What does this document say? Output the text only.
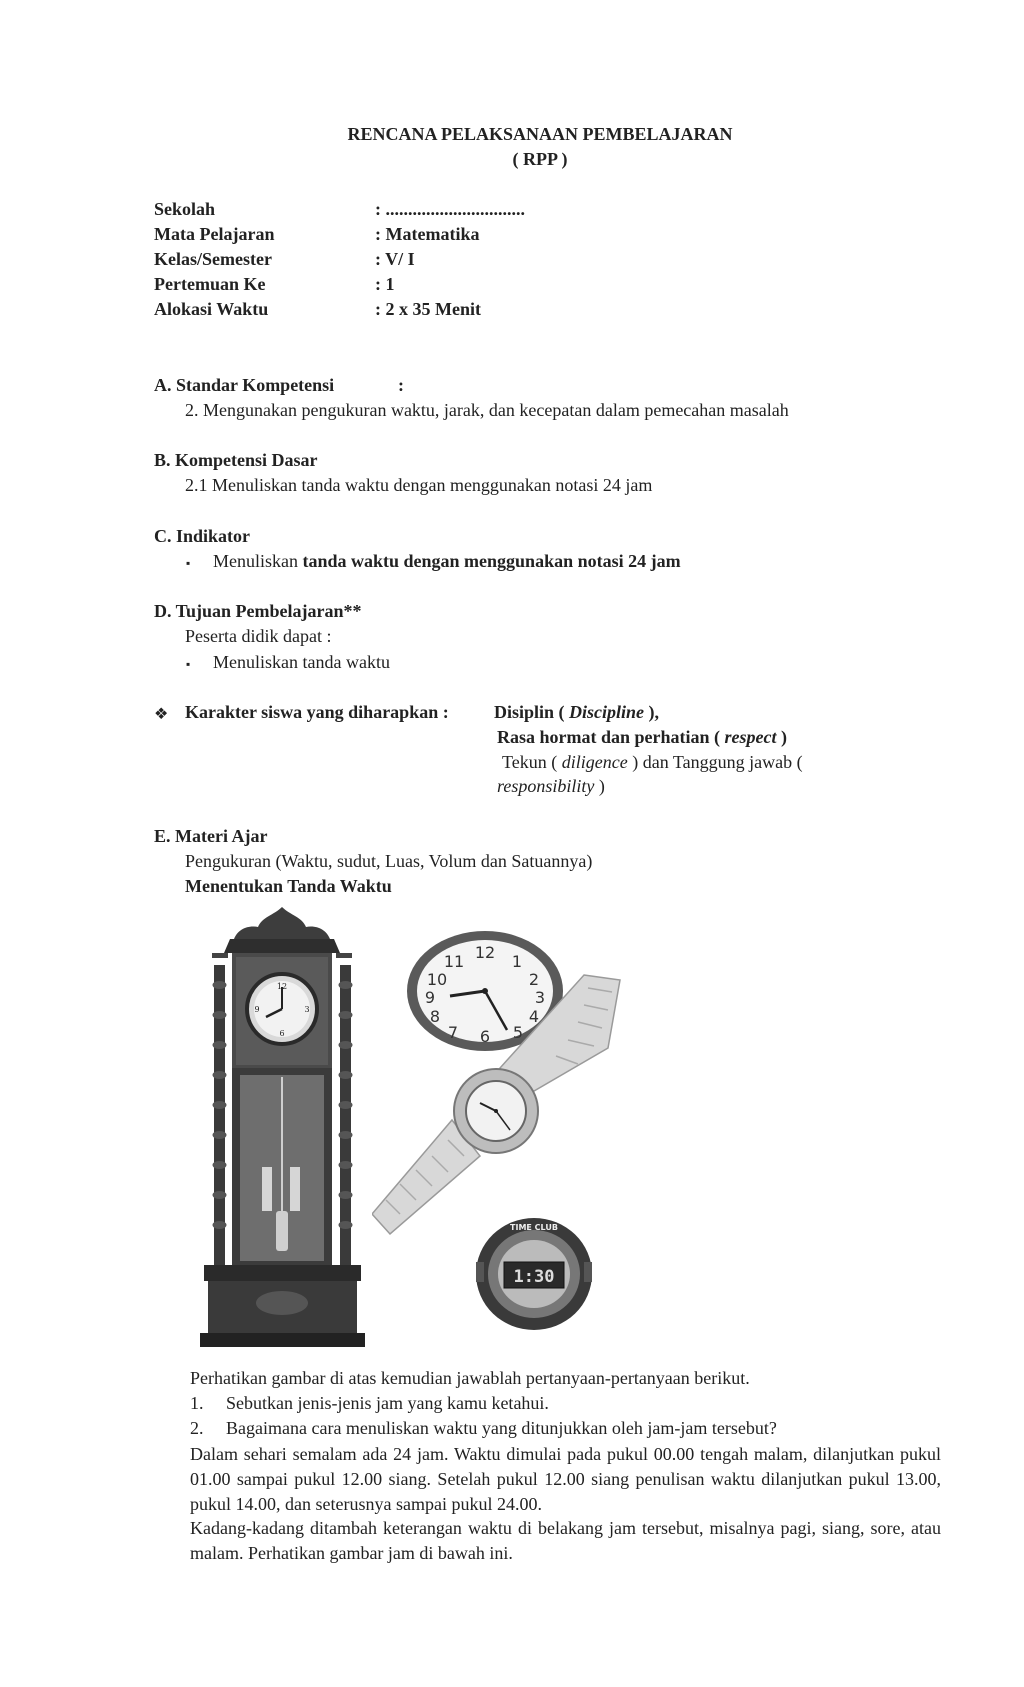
RENCANA PELAKSANAAN PEMBELAJARAN
( RPP )
Sekolah	: ...............................
Mata Pelajaran	: Matematika
Kelas/Semester	: V/ I
Pertemuan Ke	: 1
Alokasi Waktu	: 2 x 35 Menit
A. Standar Kompetensi	:
2. Mengunakan pengukuran waktu, jarak, dan kecepatan dalam pemecahan masalah
B. Kompetensi Dasar
2.1 Menuliskan tanda waktu dengan menggunakan notasi 24 jam
C. Indikator
▪ Menuliskan tanda waktu dengan menggunakan notasi 24 jam
D. Tujuan Pembelajaran**
Peserta didik dapat :
▪ Menuliskan tanda waktu
❖ Karakter siswa yang diharapkan :	Disiplin ( Discipline ),
Rasa hormat dan perhatian ( respect )
Tekun ( diligence ) dan Tanggung jawab (
responsibility )
E. Materi Ajar
Pengukuran (Waktu, sudut, Luas, Volum dan Satuannya)
Menentukan Tanda Waktu
12
3
6
9
12 1
2
3
4
5
6
7
8
9
10
11
TIME CLUB
1:30
Perhatikan gambar di atas kemudian jawablah pertanyaan-pertanyaan berikut.
1. Sebutkan jenis-jenis jam yang kamu ketahui.
2. Bagaimana cara menuliskan waktu yang ditunjukkan oleh jam-jam tersebut?
Dalam sehari semalam ada 24 jam. Waktu dimulai pada pukul 00.00 tengah malam, dilanjutkan pukul 01.00 sampai pukul 12.00 siang. Setelah pukul 12.00 siang penulisan waktu dilanjutkan pukul 13.00, pukul 14.00, dan seterusnya sampai pukul 24.00.
Kadang-kadang ditambah keterangan waktu di belakang jam tersebut, misalnya pagi, siang, sore, atau malam. Perhatikan gambar jam di bawah ini.
